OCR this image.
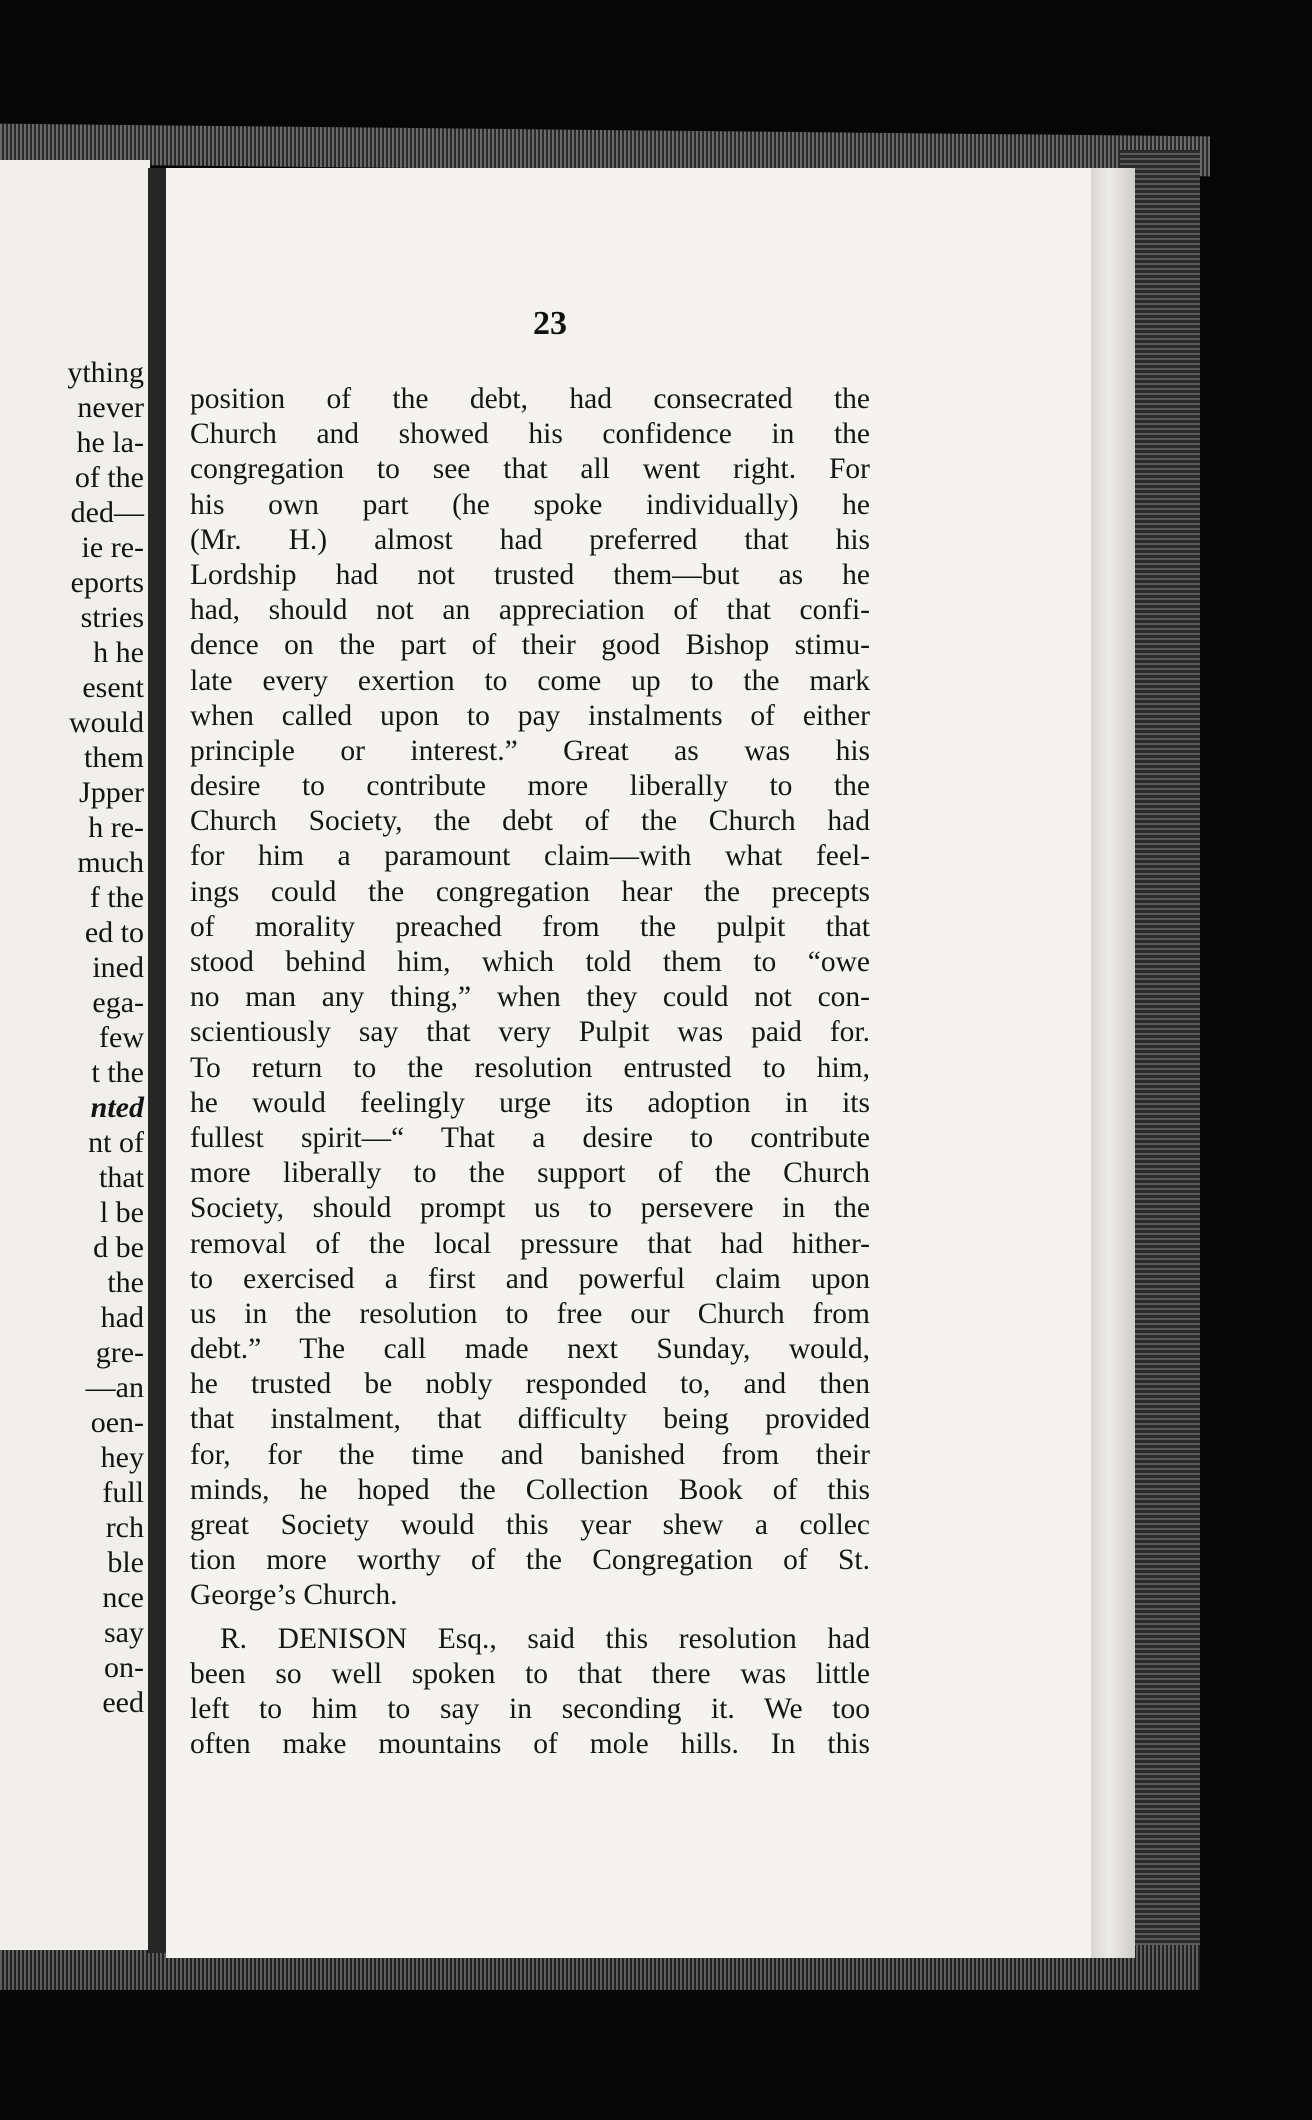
ything
never
he la-
of the
ded—
ie re-
eports
stries
h he
esent
would
them
Jpper
h re-
much
f the
ed to
ined
ega-
few
t the
nted
nt of
that
l be
d be
the
had
gre-
—an
oen-
hey
full
rch
ble
nce
say
on-
eed
23
position of the debt, had consecrated the
Church and showed his confidence in the
congregation to see that all went right. For
his own part (he spoke individually) he
(Mr. H.) almost had preferred that his
Lordship had not trusted them—but as he
had, should not an appreciation of that confi-
dence on the part of their good Bishop stimu-
late every exertion to come up to the mark
when called upon to pay instalments of either
principle or interest.” Great as was his
desire to contribute more liberally to the
Church Society, the debt of the Church had
for him a paramount claim—with what feel-
ings could the congregation hear the precepts
of morality preached from the pulpit that
stood behind him, which told them to “owe
no man any thing,” when they could not con-
scientiously say that very Pulpit was paid for.
To return to the resolution entrusted to him,
he would feelingly urge its adoption in its
fullest spirit—“ That a desire to contribute
more liberally to the support of the Church
Society, should prompt us to persevere in the
removal of the local pressure that had hither-
to exercised a first and powerful claim upon
us in the resolution to free our Church from
debt.” The call made next Sunday, would,
he trusted be nobly responded to, and then
that instalment, that difficulty being provided
for, for the time and banished from their
minds, he hoped the Collection Book of this
great Society would this year shew a collec
tion more worthy of the Congregation of St.
George’s Church.
R. DENISON Esq., said this resolution had
been so well spoken to that there was little
left to him to say in seconding it. We too
often make mountains of mole hills. In this
